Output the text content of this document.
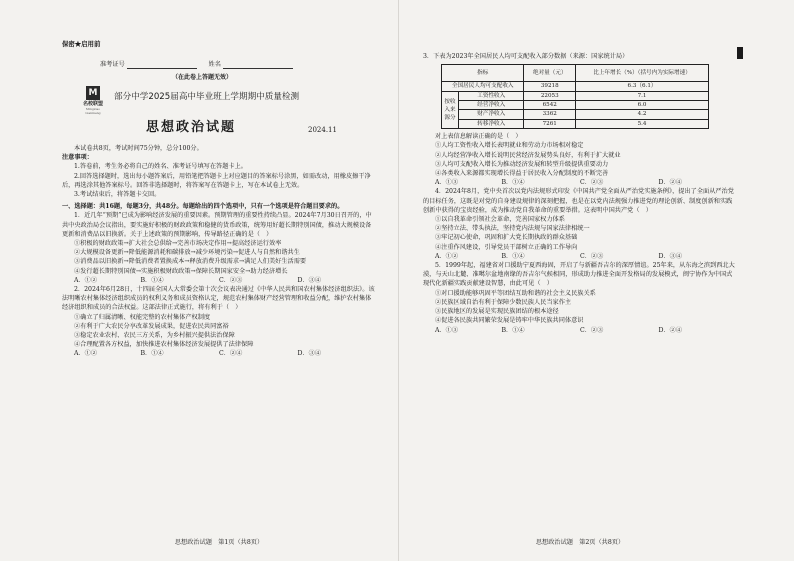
保密★启用前
准考证号	姓名
（在此卷上答题无效）
M
名校联盟
Mingxiao Lianmeng
部分中学2025届高中毕业班上学期期中质量检测
思想政治试题	2024.11

本试卷共8页，考试时间75分钟，总分100分。

注意事项：

1.答卷前，考生务必将自己的姓名、准考证号填写在答题卡上。

2.回答选择题时，选出每小题答案后，用铅笔把答题卡上对应题目的答案标号涂黑，如需改动，用橡皮擦干净后，再选涂其他答案标号。回答非选择题时，将答案写在答题卡上，写在本试卷上无效。

3.考试结束后，将答题卡交回。

一、选择题：共16题，每题3分，共48分。每题给出的四个选项中，只有一个选项是符合题目要求的。

1．近几年“预期”已成为影响经济发展的重要因素。预期管理的重要性持续凸显。2024年7月30日召开的，中共中央政治局会议指出，要实施好积极的财政政策和稳健的货币政策，统筹用好超长期特别国债，推动大规模设备更新和消费品以旧换新。关于上述政策的预期影响，传导路径正确的是（　）

①积极的财政政策→扩大社会总供给→完善市场决定作用→提高经济运行效率

②大规模设备更新→降低能源消耗和碳排放→减少环境污染→促进人与自然和谐共生

③消费品以旧换新→降低消费者置换成本→释放消费升级需求→满足人们美好生活需要

④发行超长期特别国债→实施积极财政政策→保障长期国家安全→助力经济增长

A．①②	B．①④	C．②③	D．③④

2．2024年6月28日，十四届全国人大常委会第十次会议表决通过《中华人民共和国农村集体经济组织法》。该法明晰农村集体经济组织成员的权利义务和成员资格认定，规范农村集体财产经营管理和收益分配，维护农村集体经济组织和成员的合法权益。这部法律正式施行，将有利于（　）

①确立了归属清晰、权能完整的农村集体产权制度

②有利于广大农民分享改革发展成果，促进农民共同富裕

③稳定农业农村、农民三方关系，为乡村振兴提供法治保障

④合理配置各方权益，加快推进农村集体经济发展提供了法律保障

A．①②	B．①④	C．②④	D．③④
思想政治试题　第1页（共8页）

3．下表为2023年全国居民人均可支配收入部分数据（来源：国家统计局）

指标		绝对量（元）	比上年增长（%）（括号内为实际增速）
全国居民人均可支配收入		39218	6.3（6.1）
按收入来源分	工资性收入	22053	7.1
	经营净收入	6542	6.0
	财产净收入	3362	4.2
	转移净收入	7261	5.4

对上表信息解读正确的是（　）

①人均工资性收入增长表明就业和劳动力市场相对稳定

②人均经营净收入增长说明民营经济发展势头良好，有利于扩大就业

③人均可支配收入增长为推动经济发展和转型升级提供重要动力

④各类收入来源都实现增长得益于居民收入分配制度的不断完善

A．①③	B．①④	C．②③	D．②④

4．2024年8月，党中央首次以党内法规形式印发《中国共产党全面从严治党实施条例》，提出了全面从严治党的目标任务，这既是对党的自身建设规律的深刻把握，也是在以党内法规强力推进党的理论创新、制度创新和实践创新中获得的宝贵经验，成为推动党自我革命的重要举措。这表明中国共产党（　）

①以自我革命引领社会革命，完善国家权力体系

②坚持立法、带头执法，坚持党内法规与国家法律相统一

③牢记初心使命，巩固和扩大党长期执政的群众基础

④注重作风建设，引导党员干部树立正确的工作导向

A．①②	B．①④	C．②③	D．③④

5．1999年起，福建省对口援助宁夏西海固，开启了与新疆吾吉尔的深厚情谊。25年来，从东海之滨到西北大漠，与天山北麓、准噶尔盆地南缘的吾吉尔气候相同，形成助力推进全面开发格局的发展模式，闽宁协作为中国式现代化新疆实践贡献建设智慧，由此可见（　）

①对口援助能够巩固平等团结互助和谐的社会主义民族关系

②民族区域自治有利于保障少数民族人民当家作主

③民族地区的发展是实现民族团结的根本途径

④促进各民族共同繁荣发展是铸牢中华民族共同体意识

A．①③	B．①④	C．②③	D．②④
思想政治试题　第2页（共8页）
